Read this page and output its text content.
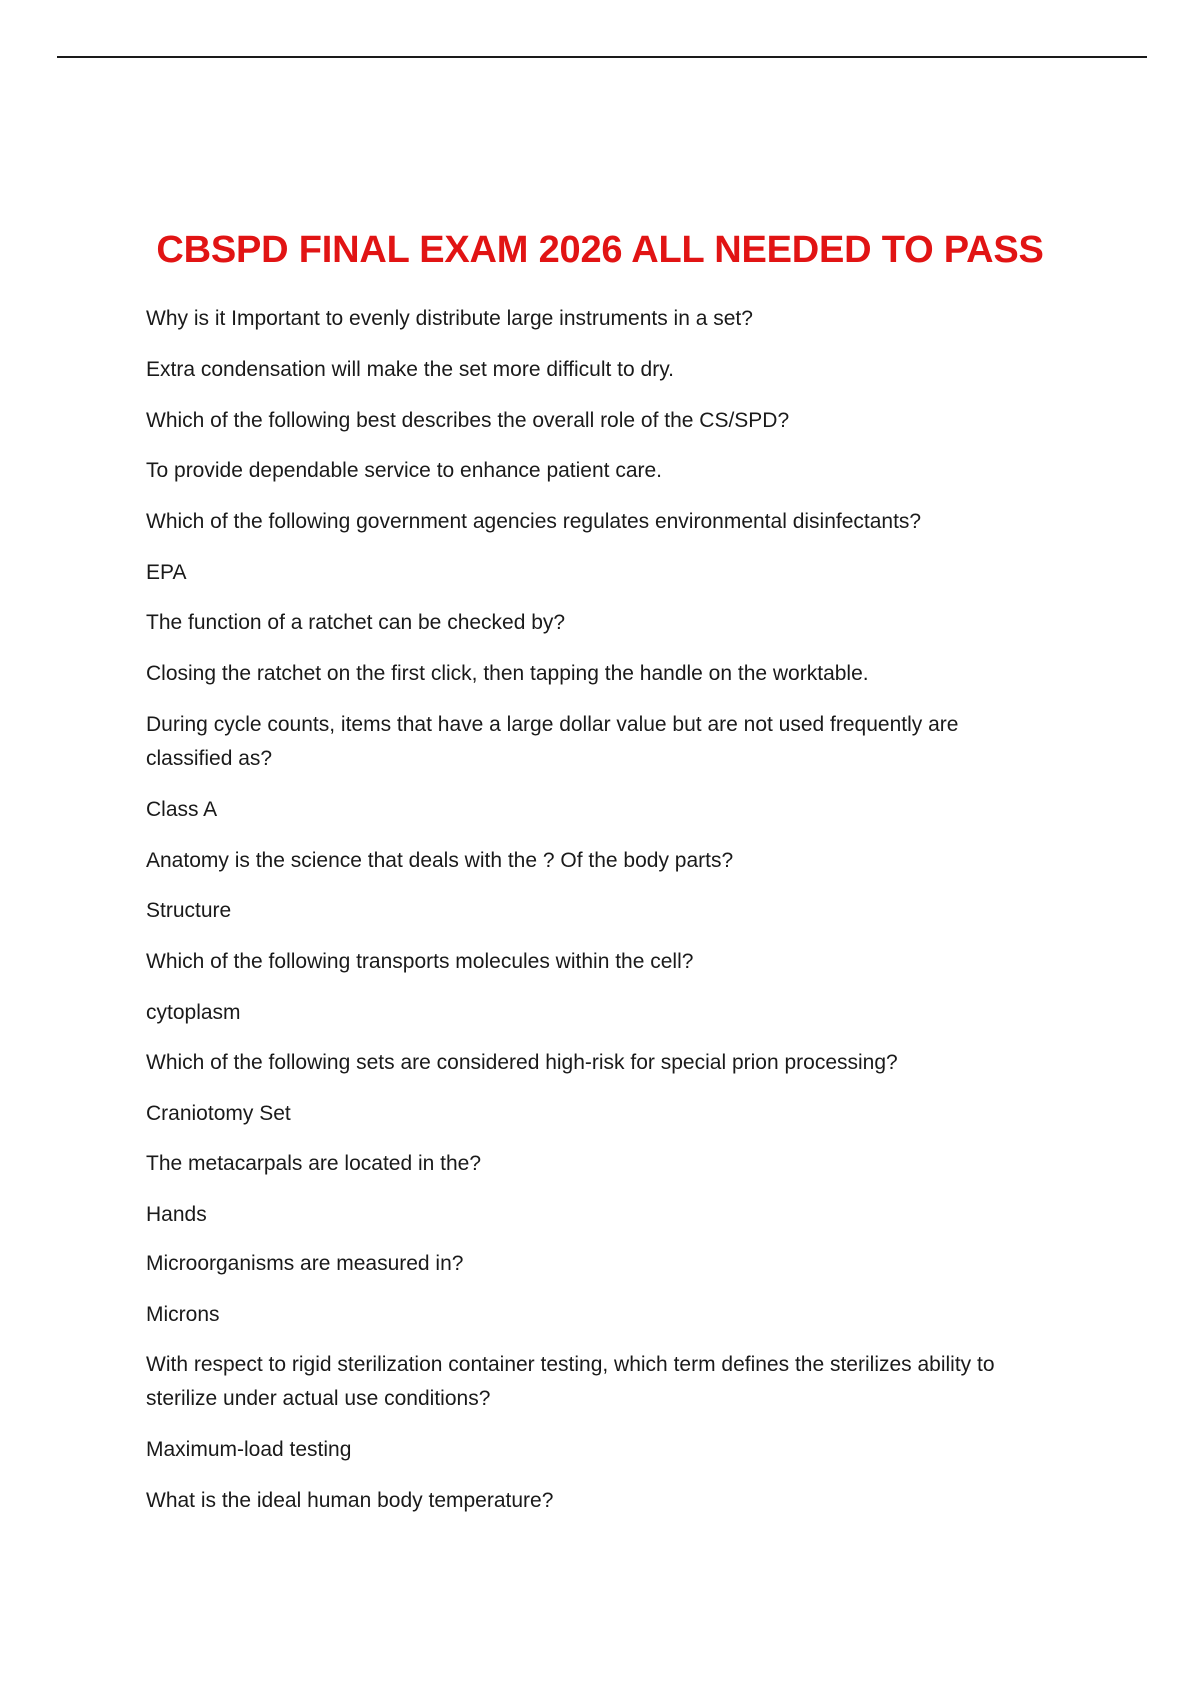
CBSPD FINAL EXAM 2026 ALL NEEDED TO PASS

Why is it Important to evenly distribute large instruments in a set?

Extra condensation will make the set more difficult to dry.

Which of the following best describes the overall role of the CS/SPD?

To provide dependable service to enhance patient care.

Which of the following government agencies regulates environmental disinfectants?

EPA

The function of a ratchet can be checked by?

Closing the ratchet on the first click, then tapping the handle on the worktable.

During cycle counts, items that have a large dollar value but are not used frequently are classified as?

Class A

Anatomy is the science that deals with the ? Of the body parts?

Structure

Which of the following transports molecules within the cell?

cytoplasm

Which of the following sets are considered high-risk for special prion processing?

Craniotomy Set

The metacarpals are located in the?

Hands

Microorganisms are measured in?

Microns

With respect to rigid sterilization container testing, which term defines the sterilizes ability to sterilize under actual use conditions?

Maximum-load testing

What is the ideal human body temperature?
